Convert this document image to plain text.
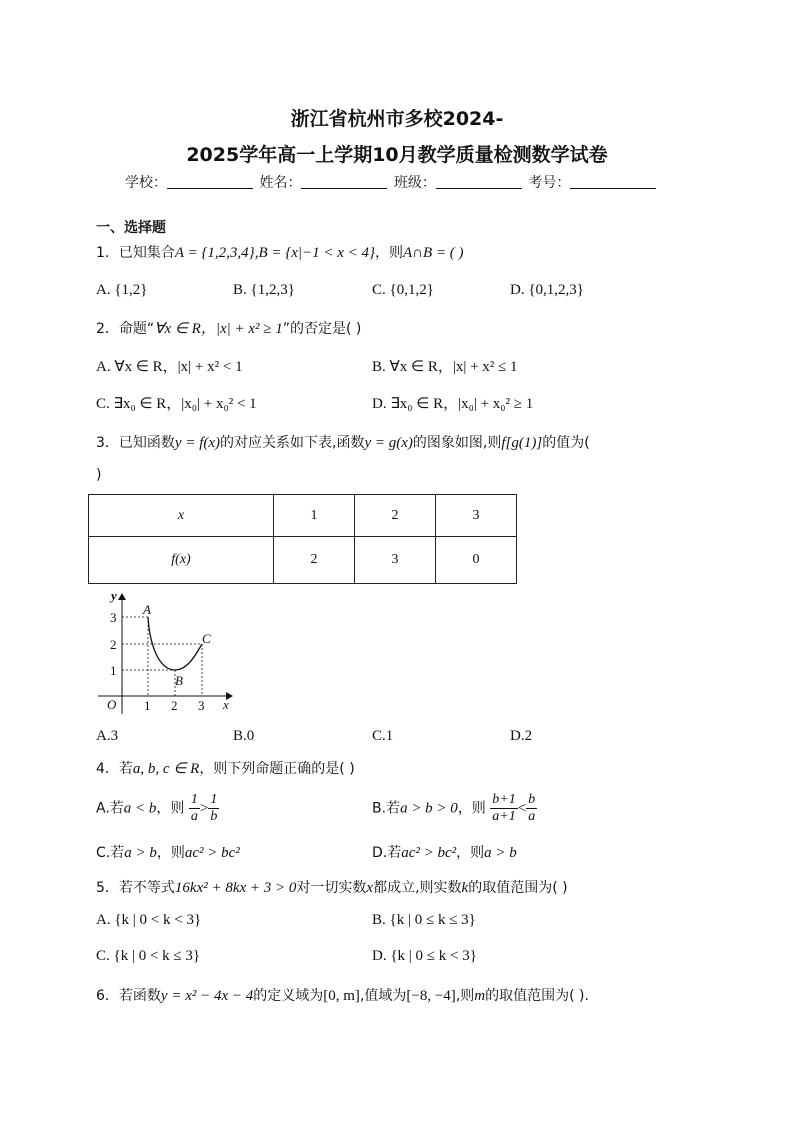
浙江省杭州市多校2024-
2025学年高一上学期10月教学质量检测数学试卷
学校：	姓名：	班级：	考号：
一、选择题
1．已知集合A = {1,2,3,4},B = {x|−1 < x < 4}，则A∩B = ( )
A. {1,2}	B. {1,2,3}	C. {0,1,2}	D. {0,1,2,3}
2．命题“∀x ∈ R，|x| + x² ≥ 1”的否定是( )
A. ∀x ∈ R，|x| + x² < 1	B. ∀x ∈ R，|x| + x² ≤ 1
C. ∃x₀ ∈ R，|x₀| + x₀² < 1	D. ∃x₀ ∈ R，|x₀| + x₀² ≥ 1
3．已知函数y = f(x)的对应关系如下表,函数y = g(x)的图象如图,则f[g(1)]的值为(
)
x	1	2	3
f(x)	2	3	0
y
x
O 1 2 3
1
2
3
A
B
C
A.3	B.0	C.1	D.2
4．若a, b, c ∈ R，则下列命题正确的是( )
A.若a < b，则 $\frac{1}{a} > \frac{1}{b}$	B.若a > b > 0，则 $\frac{b+1}{a+1} < \frac{b}{a}$
C.若a > b，则ac² > bc²	D.若ac² > bc²，则a > b
5．若不等式16kx² + 8kx + 3 > 0对一切实数x都成立,则实数k的取值范围为( )
A. {k | 0 < k < 3}	B. {k | 0 ≤ k ≤ 3}
C. {k | 0 < k ≤ 3}	D. {k | 0 ≤ k < 3}
6．若函数y = x² − 4x − 4的定义域为[0, m],值域为[−8, −4],则m的取值范围为( ).
